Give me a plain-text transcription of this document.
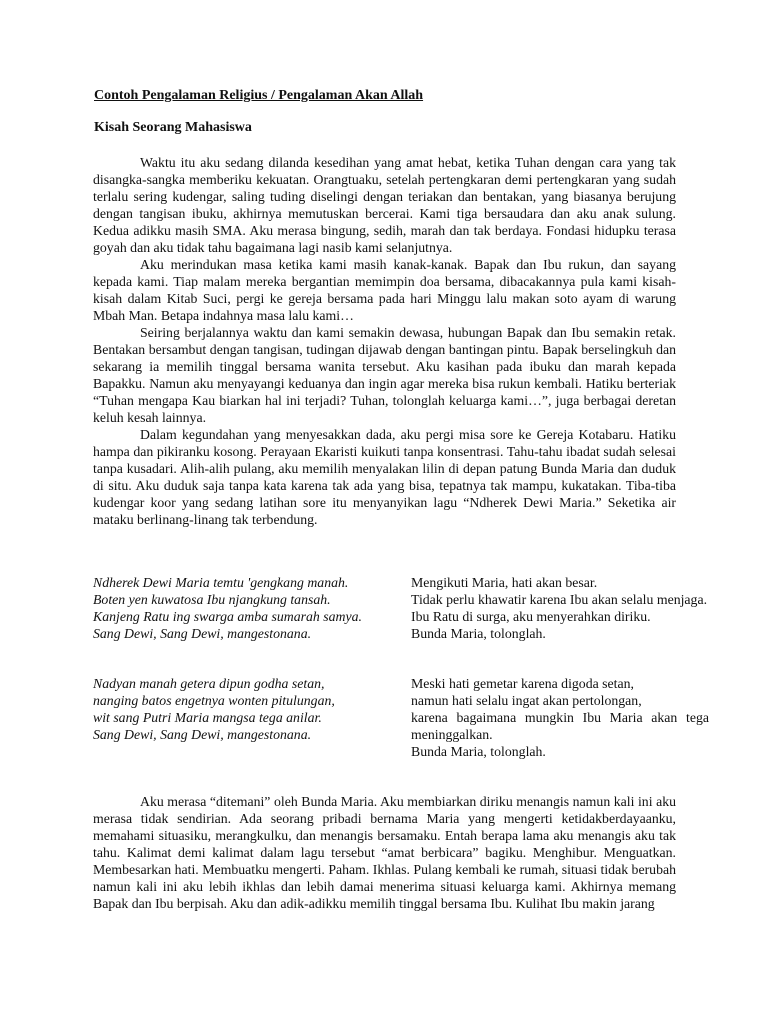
Contoh Pengalaman Religius / Pengalaman Akan Allah
Kisah Seorang Mahasiswa

Waktu itu aku sedang dilanda kesedihan yang amat hebat, ketika Tuhan dengan cara yang tak disangka-sangka memberiku kekuatan. Orangtuaku, setelah pertengkaran demi pertengkaran yang sudah terlalu sering kudengar, saling tuding diselingi dengan teriakan dan bentakan, yang biasanya berujung dengan tangisan ibuku, akhirnya memutuskan bercerai. Kami tiga bersaudara dan aku anak sulung. Kedua adikku masih SMA. Aku merasa bingung, sedih, marah dan tak berdaya. Fondasi hidupku terasa goyah dan aku tidak tahu bagaimana lagi nasib kami selanjutnya.

Aku merindukan masa ketika kami masih kanak-kanak. Bapak dan Ibu rukun, dan sayang kepada kami. Tiap malam mereka bergantian memimpin doa bersama, dibacakannya pula kami kisah-kisah dalam Kitab Suci, pergi ke gereja bersama pada hari Minggu lalu makan soto ayam di warung Mbah Man. Betapa indahnya masa lalu kami…

Seiring berjalannya waktu dan kami semakin dewasa, hubungan Bapak dan Ibu semakin retak. Bentakan bersambut dengan tangisan, tudingan dijawab dengan bantingan pintu. Bapak berselingkuh dan sekarang ia memilih tinggal bersama wanita tersebut. Aku kasihan pada ibuku dan marah kepada Bapakku. Namun aku menyayangi keduanya dan ingin agar mereka bisa rukun kembali. Hatiku berteriak “Tuhan mengapa Kau biarkan hal ini terjadi? Tuhan, tolonglah keluarga kami…”, juga berbagai deretan keluh kesah lainnya.

Dalam kegundahan yang menyesakkan dada, aku pergi misa sore ke Gereja Kotabaru. Hatiku hampa dan pikiranku kosong. Perayaan Ekaristi kuikuti tanpa konsentrasi. Tahu-tahu ibadat sudah selesai tanpa kusadari. Alih-alih pulang, aku memilih menyalakan lilin di depan patung Bunda Maria dan duduk di situ. Aku duduk saja tanpa kata karena tak ada yang bisa, tepatnya tak mampu, kukatakan. Tiba-tiba kudengar koor yang sedang latihan sore itu menyanyikan lagu “Ndherek Dewi Maria.” Seketika air mataku berlinang-linang tak terbendung.

Ndherek Dewi Maria temtu 'gengkang manah.
Boten yen kuwatosa Ibu njangkung tansah.
Kanjeng Ratu ing swarga amba sumarah samya.
Sang Dewi, Sang Dewi, mangestonana.
Mengikuti Maria, hati akan besar.
Tidak perlu khawatir karena Ibu akan selalu menjaga.
Ibu Ratu di surga, aku menyerahkan diriku.
Bunda Maria, tolonglah.
Nadyan manah getera dipun godha setan,
nanging batos engetnya wonten pitulungan,
wit sang Putri Maria mangsa tega anilar.
Sang Dewi, Sang Dewi, mangestonana.
Meski hati gemetar karena digoda setan,
namun hati selalu ingat akan pertolongan,
karena bagaimana mungkin Ibu Maria akan tega meninggalkan.
Bunda Maria, tolonglah.

Aku merasa “ditemani” oleh Bunda Maria. Aku membiarkan diriku menangis namun kali ini aku merasa tidak sendirian. Ada seorang pribadi bernama Maria yang mengerti ketidakberdayaanku, memahami situasiku, merangkulku, dan menangis bersamaku. Entah berapa lama aku menangis aku tak tahu. Kalimat demi kalimat dalam lagu tersebut “amat berbicara” bagiku. Menghibur. Menguatkan. Membesarkan hati. Membuatku mengerti. Paham. Ikhlas. Pulang kembali ke rumah, situasi tidak berubah namun kali ini aku lebih ikhlas dan lebih damai menerima situasi keluarga kami. Akhirnya memang Bapak dan Ibu berpisah. Aku dan adik-adikku memilih tinggal bersama Ibu. Kulihat Ibu makin jarang
